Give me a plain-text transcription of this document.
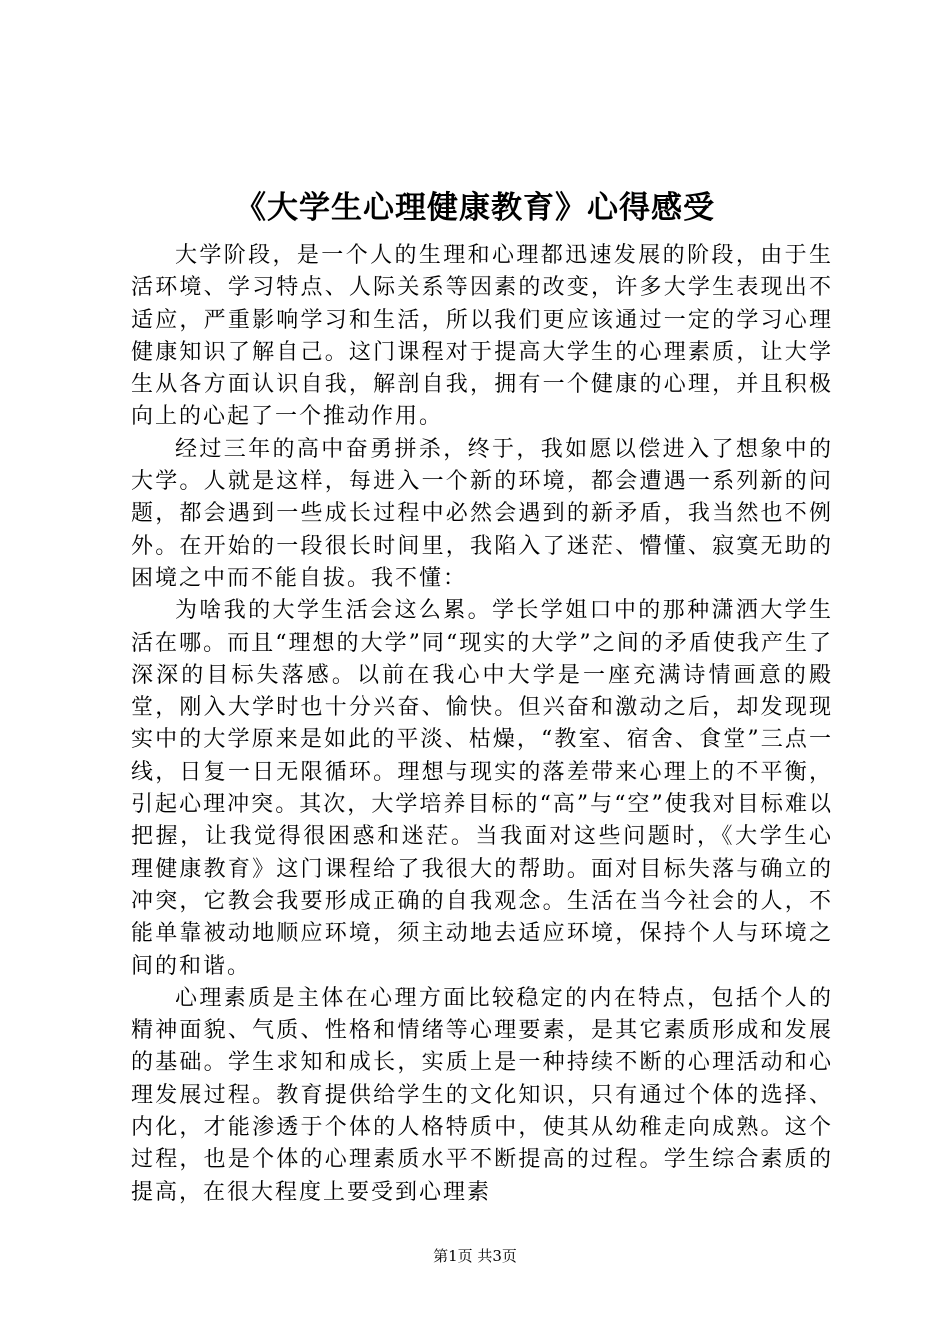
《大学生心理健康教育》心得感受

大学阶段，是一个人的生理和心理都迅速发展的阶段，由于生活环境、学习特点、人际关系等因素的改变，许多大学生表现出不适应，严重影响学习和生活，所以我们更应该通过一定的学习心理健康知识了解自己。这门课程对于提高大学生的心理素质，让大学生从各方面认识自我，解剖自我，拥有一个健康的心理，并且积极向上的心起了一个推动作用。

经过三年的高中奋勇拼杀，终于，我如愿以偿进入了想象中的大学。人就是这样，每进入一个新的环境，都会遭遇一系列新的问题，都会遇到一些成长过程中必然会遇到的新矛盾，我当然也不例外。在开始的一段很长时间里，我陷入了迷茫、懵懂、寂寞无助的困境之中而不能自拔。我不懂：

为啥我的大学生活会这么累。学长学姐口中的那种潇洒大学生活在哪。而且“理想的大学”同“现实的大学”之间的矛盾使我产生了深深的目标失落感。以前在我心中大学是一座充满诗情画意的殿堂，刚入大学时也十分兴奋、愉快。但兴奋和激动之后，却发现现实中的大学原来是如此的平淡、枯燥，“教室、宿舍、食堂”三点一线，日复一日无限循环。理想与现实的落差带来心理上的不平衡，引起心理冲突。其次，大学培养目标的“高”与“空”使我对目标难以把握，让我觉得很困惑和迷茫。当我面对这些问题时，《大学生心理健康教育》这门课程给了我很大的帮助。面对目标失落与确立的冲突，它教会我要形成正确的自我观念。生活在当今社会的人，不能单靠被动地顺应环境，须主动地去适应环境，保持个人与环境之间的和谐。

心理素质是主体在心理方面比较稳定的内在特点，包括个人的精神面貌、气质、性格和情绪等心理要素，是其它素质形成和发展的基础。学生求知和成长，实质上是一种持续不断的心理活动和心理发展过程。教育提供给学生的文化知识，只有通过个体的选择、内化，才能渗透于个体的人格特质中，使其从幼稚走向成熟。这个过程，也是个体的心理素质水平不断提高的过程。学生综合素质的提高，在很大程度上要受到心理素

第1页 共3页
